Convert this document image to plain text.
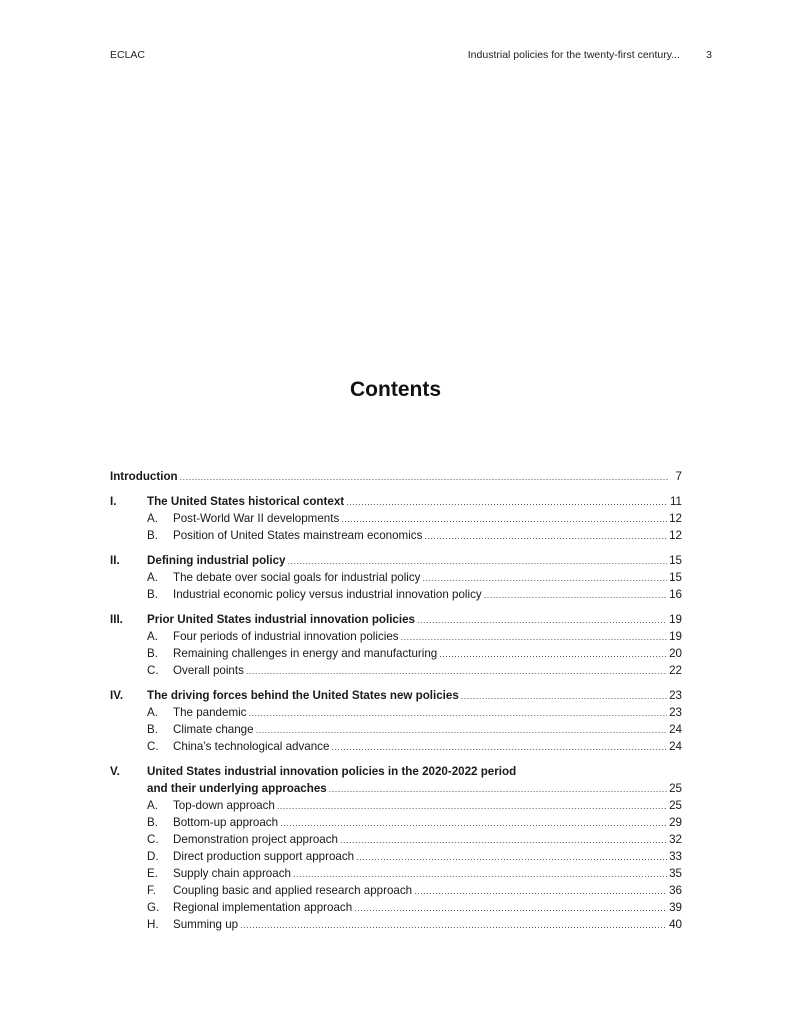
ECLAC	Industrial policies for the twenty-first century... 3
Contents
Introduction . . .	7
I.	The United States historical context . . .	11
A.	Post-World War II developments . . .	12
B.	Position of United States mainstream economics . . .	12
II.	Defining industrial policy . . .	15
A.	The debate over social goals for industrial policy . . .	15
B.	Industrial economic policy versus industrial innovation policy . . .	16
III.	Prior United States industrial innovation policies . . .	19
A.	Four periods of industrial innovation policies . . .	19
B.	Remaining challenges in energy and manufacturing . . .	20
C.	Overall points . . .	22
IV.	The driving forces behind the United States new policies . . .	23
A.	The pandemic . . .	23
B.	Climate change . . .	24
C.	China’s technological advance . . .	24
V.	United States industrial innovation policies in the 2020-2022 period
and their underlying approaches . . .	25
A.	Top-down approach . . .	25
B.	Bottom-up approach . . .	29
C.	Demonstration project approach . . .	32
D.	Direct production support approach . . .	33
E.	Supply chain approach . . .	35
F.	Coupling basic and applied research approach . . .	36
G.	Regional implementation approach . . .	39
H.	Summing up . . .	40
